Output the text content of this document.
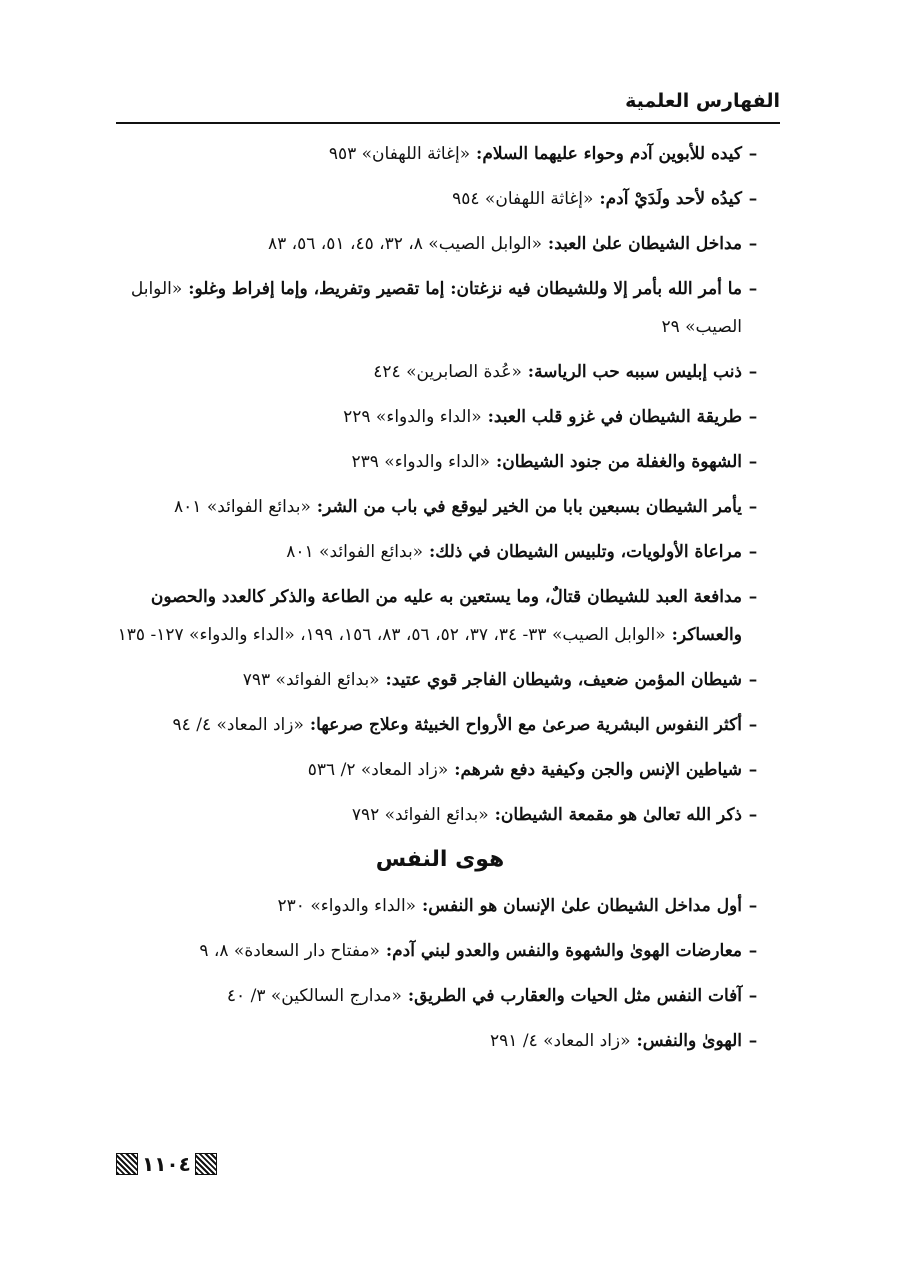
الفهارس العلمية
–
كيده للأبوين آدم وحواء عليهما السلام: «إغاثة اللهفان» ٩٥٣
–
كيدُه لأحد ولَدَيْ آدم: «إغاثة اللهفان» ٩٥٤
–
مداخل الشيطان علىٰ العبد: «الوابل الصيب» ٨، ٣٢، ٤٥، ٥١، ٥٦، ٨٣
–
ما أمر الله بأمر إلا وللشيطان فيه نزغتان: إما تقصير وتفريط، وإما إفراط وغلو: «الوابل الصيب» ٢٩
–
ذنب إبليس سببه حب الرياسة: «عُدة الصابرين» ٤٢٤
–
طريقة الشيطان في غزو قلب العبد: «الداء والدواء» ٢٢٩
–
الشهوة والغفلة من جنود الشيطان: «الداء والدواء» ٢٣٩
–
يأمر الشيطان بسبعين بابا من الخير ليوقع في باب من الشر: «بدائع الفوائد» ٨٠١
–
مراعاة الأولويات، وتلبيس الشيطان في ذلك: «بدائع الفوائد» ٨٠١
–
مدافعة العبد للشيطان قتالٌ، وما يستعين به عليه من الطاعة والذكر كالعدد والحصون والعساكر: «الوابل الصيب» ٣٣- ٣٤، ٣٧، ٥٢، ٥٦، ٨٣، ١٥٦، ١٩٩، «الداء والدواء» ١٢٧- ١٣٥
–
شيطان المؤمن ضعيف، وشيطان الفاجر قوي عتيد: «بدائع الفوائد» ٧٩٣
–
أكثر النفوس البشرية صرعىٰ مع الأرواح الخبيثة وعلاج صرعها: «زاد المعاد» ٤/ ٩٤
–
شياطين الإنس والجن وكيفية دفع شرهم: «زاد المعاد» ٢/ ٥٣٦
–
ذكر الله تعالىٰ هو مقمعة الشيطان: «بدائع الفوائد» ٧٩٢
هوى النفس
–
أول مداخل الشيطان علىٰ الإنسان هو النفس: «الداء والدواء» ٢٣٠
–
معارضات الهوىٰ والشهوة والنفس والعدو لبني آدم: «مفتاح دار السعادة» ٨، ٩
–
آفات النفس مثل الحيات والعقارب في الطريق: «مدارج السالكين» ٣/ ٤٠
–
الهوىٰ والنفس: «زاد المعاد» ٤/ ٢٩١
١١٠٤
